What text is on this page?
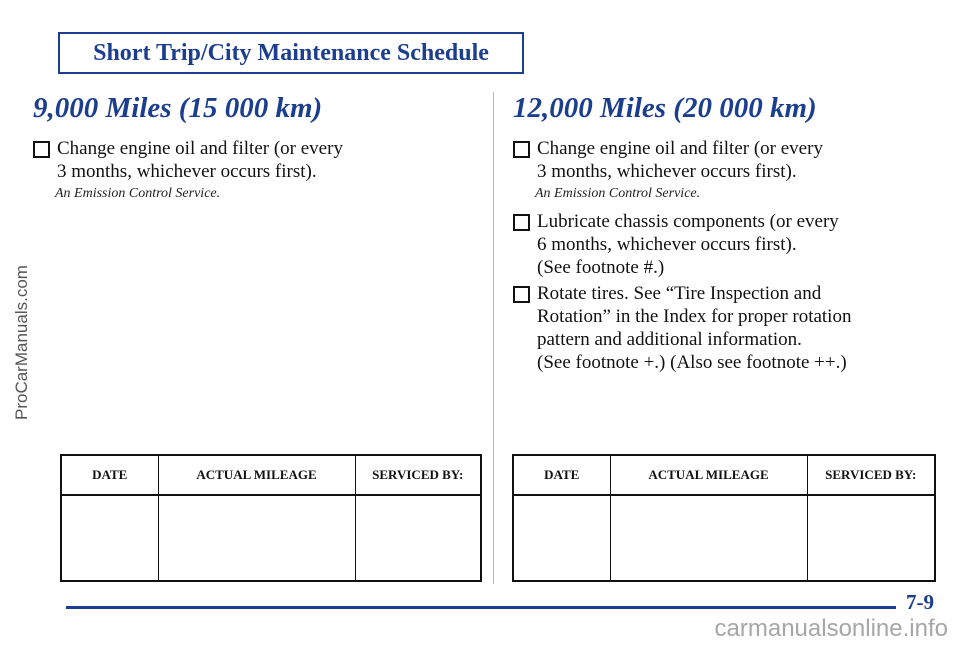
ProCarManuals.com
Short Trip/City Maintenance Schedule
9,000 Miles (15 000 km)
Change engine oil and filter (or every
3 months, whichever occurs first).
An Emission Control Service.
12,000 Miles (20 000 km)
Change engine oil and filter (or every
3 months, whichever occurs first).
An Emission Control Service.
Lubricate chassis components (or every
6 months, whichever occurs first).
(See footnote #.)
Rotate tires. See “Tire Inspection and
Rotation” in the Index for proper rotation
pattern and additional information.
(See footnote +.) (Also see footnote ++.)
DATE	ACTUAL MILEAGE	SERVICED BY:
			DATE	ACTUAL MILEAGE	SERVICED BY:

7-9
carmanualsonline.info
